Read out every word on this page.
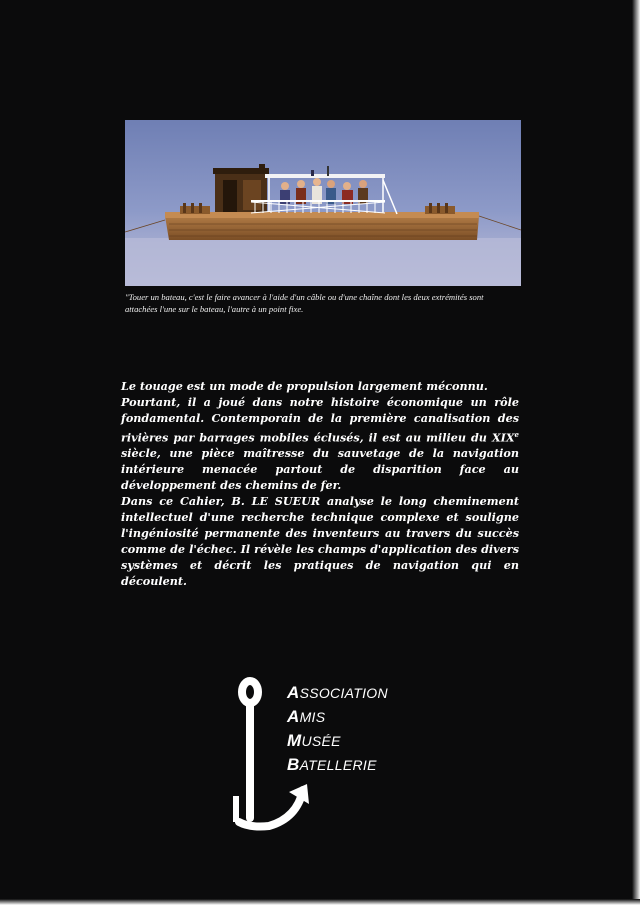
"Touer un bateau, c'est le faire avancer à l'aide d'un câble ou d'une chaîne dont les deux extrémités sont
attachées l'une sur le bateau, l'autre à un point fixe.

Le touage est un mode de propulsion largement méconnu.

Pourtant, il a joué dans notre histoire économique un rôle fondamental. Contemporain de la première canalisation des rivières par barrages mobiles éclusés, il est au milieu du XIXe siècle, une pièce maîtresse du sauvetage de la navigation intérieure menacée partout de disparition face au développement des chemins de fer.

Dans ce Cahier, B. LE SUEUR analyse le long cheminement intellectuel d'une recherche technique complexe et souligne l'ingéniosité permanente des inventeurs au travers du succès comme de l'échec. Il révèle les champs d'application des divers systèmes et décrit les pratiques de navigation qui en découlent.

ASSOCIATION
AMIS
MUSÉE
BATELLERIE
